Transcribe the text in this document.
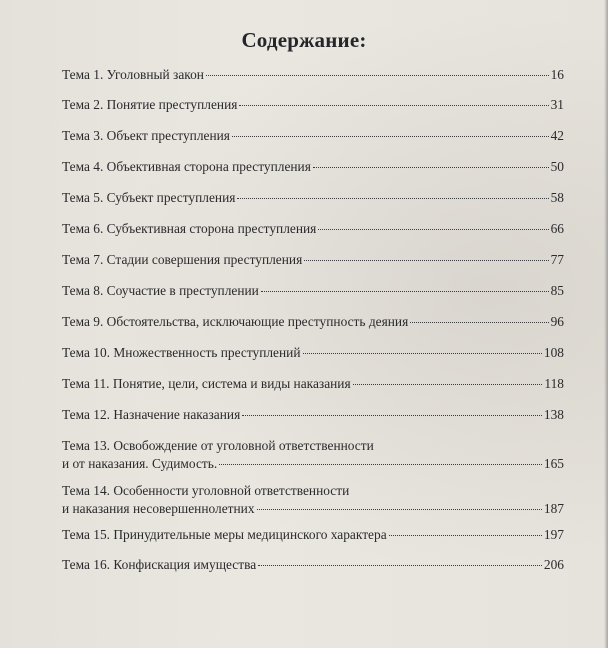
Содержание:
Тема 1. Уголовный закон	16
Тема 2. Понятие преступления	31
Тема 3. Объект преступления	42
Тема 4. Объективная сторона преступления	50
Тема 5. Субъект преступления	58
Тема 6. Субъективная сторона преступления	66
Тема 7. Стадии совершения преступления	77
Тема 8. Соучастие в преступлении	85
Тема 9. Обстоятельства, исключающие преступность деяния	96
Тема 10. Множественность преступлений	108
Тема 11. Понятие, цели, система и виды наказания	118
Тема 12. Назначение наказания	138
Тема 13. Освобождение от уголовной ответственности
и от наказания. Судимость.	165
Тема 14. Особенности уголовной ответственности
и наказания несовершеннолетних	187
Тема 15. Принудительные меры медицинского характера	197
Тема 16. Конфискация имущества	206
